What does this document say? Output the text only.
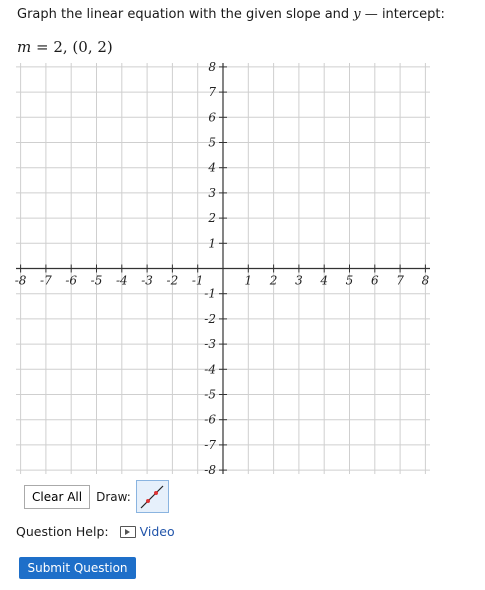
Graph the linear equation with the given slope and y — intercept:
m = 2, (0, 2)
-8 -7 -6 -5 -4 -3 -2 -1	1 2 3 4 5 6 7 8
8
7
6
5
4
3
2
1
-1
-2
-3
-4
-5
-6
-7
-8
Clear All	Draw:
Question Help: Video
Submit Question
